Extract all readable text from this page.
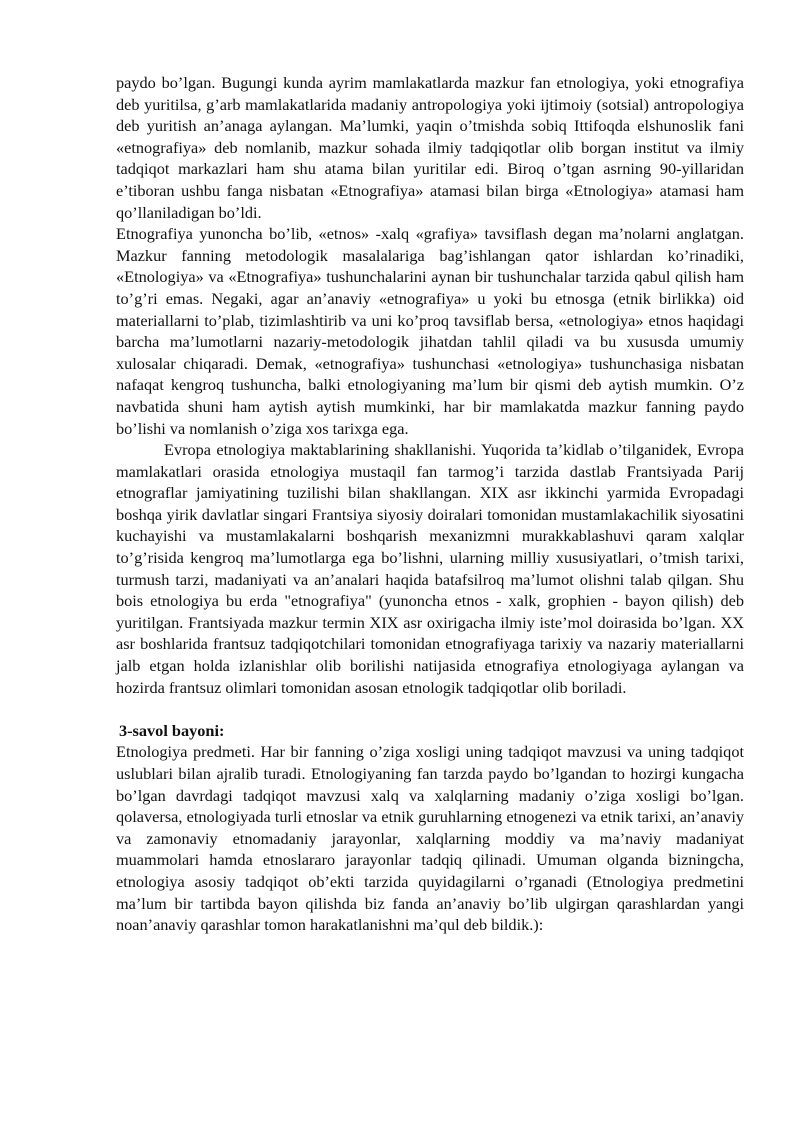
paydo bo’lgan. Bugungi kunda ayrim mamlakatlarda mazkur fan etnologiya, yoki etnografiya deb yuritilsa, g’arb mamlakatlarida madaniy antropologiya yoki ijtimoiy (sotsial) antropologiya deb yuritish an’anaga aylangan. Ma’lumki, yaqin o’tmishda sobiq Ittifoqda elshunoslik fani «etnografiya» deb nomlanib, mazkur sohada ilmiy tadqiqotlar olib borgan institut va ilmiy tadqiqot markazlari ham shu atama bilan yuritilar edi. Biroq o’tgan asrning 90-yillaridan e’tiboran ushbu fanga nisbatan «Etnografiya» atamasi bilan birga «Etnologiya» atamasi ham qo’llaniladigan bo’ldi.

Etnografiya yunoncha bo’lib, «etnos» -xalq «grafiya» tavsiflash degan ma’nolarni anglatgan. Mazkur fanning metodologik masalalariga bag’ishlangan qator ishlardan ko’rinadiki, «Etnologiya» va «Etnografiya» tushunchalarini aynan bir tushunchalar tarzida qabul qilish ham to’g’ri emas. Negaki, agar an’anaviy «etnografiya» u yoki bu etnosga (etnik birlikka) oid materiallarni to’plab, tizimlashtirib va uni ko’proq tavsiflab bersa, «etnologiya» etnos haqidagi barcha ma’lumotlarni nazariy-metodologik jihatdan tahlil qiladi va bu xususda umumiy xulosalar chiqaradi. Demak, «etnografiya» tushunchasi «etnologiya» tushunchasiga nisbatan nafaqat kengroq tushuncha, balki etnologiyaning ma’lum bir qismi deb aytish mumkin. O’z navbatida shuni ham aytish aytish mumkinki, har bir mamlakatda mazkur fanning paydo bo’lishi va nomlanish o’ziga xos tarixga ega.

Evropa etnologiya maktablarining shakllanishi. Yuqorida ta’kidlab o’tilganidek, Evropa mamlakatlari orasida etnologiya mustaqil fan tarmog’i tarzida dastlab Frantsiyada Parij etnograflar jamiyatining tuzilishi bilan shakllangan. XIX asr ikkinchi yarmida Evropadagi boshqa yirik davlatlar singari Frantsiya siyosiy doiralari tomonidan mustamlakachilik siyosatini kuchayishi va mustamlakalarni boshqarish mexanizmni murakkablashuvi qaram xalqlar to’g’risida kengroq ma’lumotlarga ega bo’lishni, ularning milliy xususiyatlari, o’tmish tarixi, turmush tarzi, madaniyati va an’analari haqida batafsilroq ma’lumot olishni talab qilgan. Shu bois etnologiya bu erda "etnografiya" (yunoncha etnos - xalk, grophien - bayon qilish) deb yuritilgan. Frantsiyada mazkur termin XIX asr oxirigacha ilmiy iste’mol doirasida bo’lgan. XX asr boshlarida frantsuz tadqiqotchilari tomonidan etnografiyaga tarixiy va nazariy materiallarni jalb etgan holda izlanishlar olib borilishi natijasida etnografiya etnologiyaga aylangan va hozirda frantsuz olimlari tomonidan asosan etnologik tadqiqotlar olib boriladi.

3-savol bayoni:

Etnologiya predmeti. Har bir fanning o’ziga xosligi uning tadqiqot mavzusi va uning tadqiqot uslublari bilan ajralib turadi. Etnologiyaning fan tarzda paydo bo’lgandan to hozirgi kungacha bo’lgan davrdagi tadqiqot mavzusi xalq va xalqlarning madaniy o’ziga xosligi bo’lgan. qolaversa, etnologiyada turli etnoslar va etnik guruhlarning etnogenezi va etnik tarixi, an’anaviy va zamonaviy etnomadaniy jarayonlar, xalqlarning moddiy va ma’naviy madaniyat muammolari hamda etnoslararo jarayonlar tadqiq qilinadi. Umuman olganda bizningcha, etnologiya asosiy tadqiqot ob’ekti tarzida quyidagilarni o’rganadi (Etnologiya predmetini ma’lum bir tartibda bayon qilishda biz fanda an’anaviy bo’lib ulgirgan qarashlardan yangi noan’anaviy qarashlar tomon harakatlanishni ma’qul deb bildik.):
